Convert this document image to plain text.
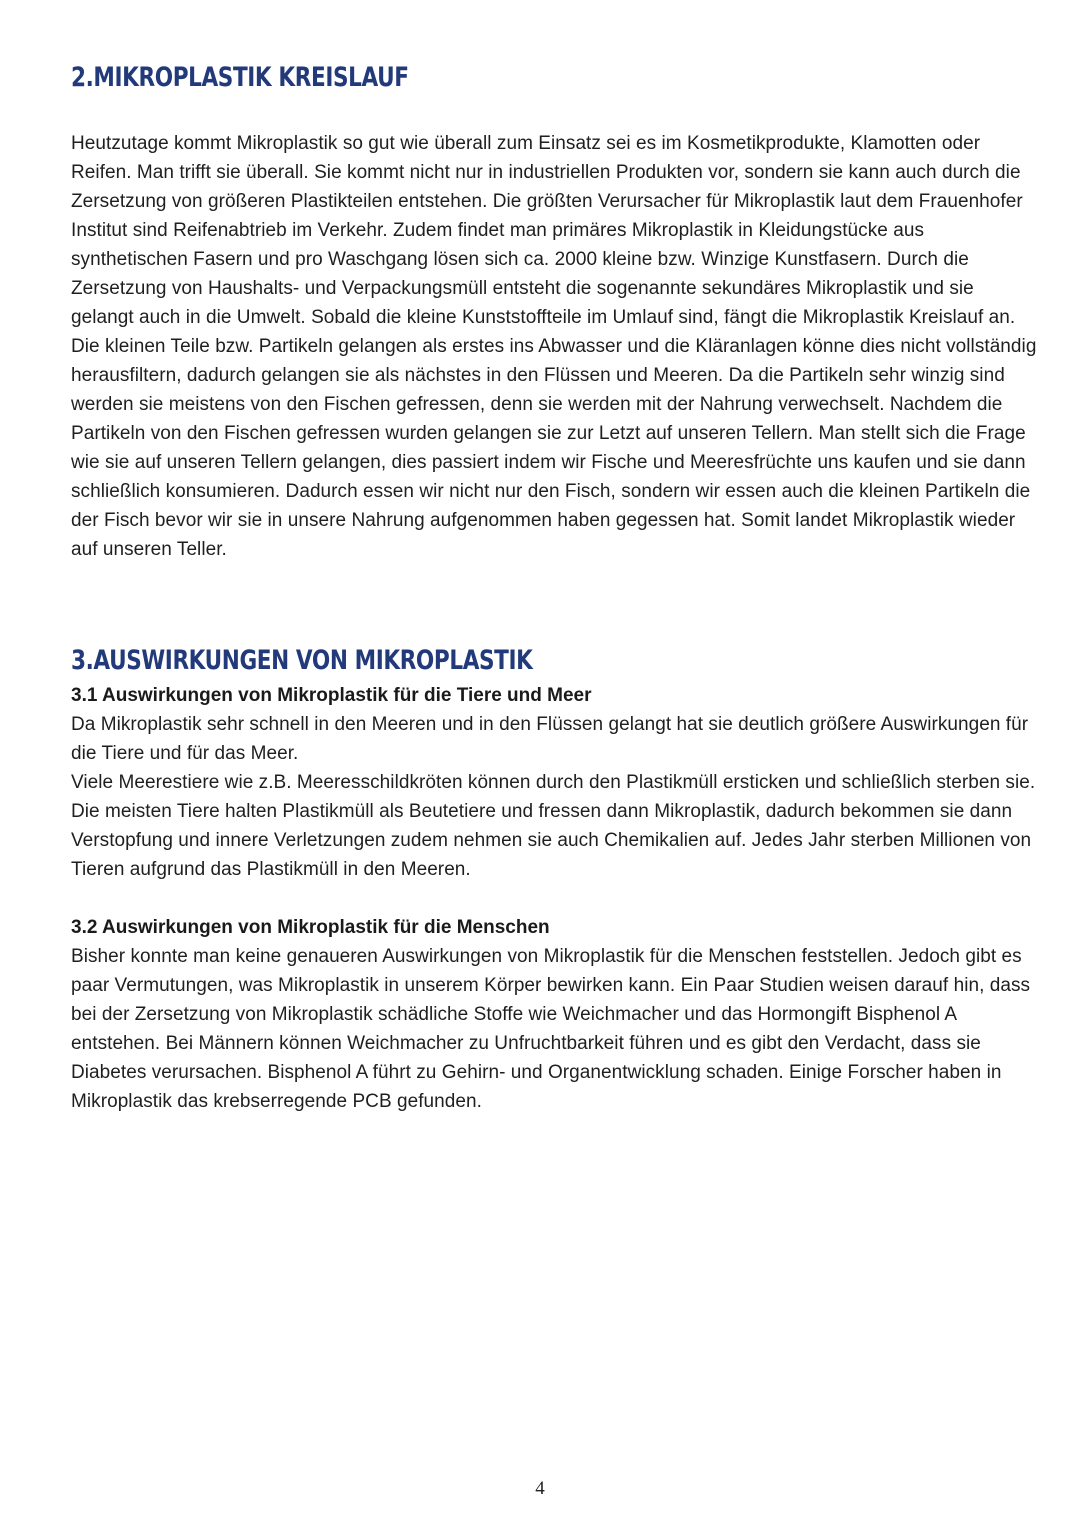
2.MIKROPLASTIK KREISLAUF

Heutzutage kommt Mikroplastik so gut wie überall zum Einsatz sei es im Kosmetikprodukte, Klamotten oder Reifen. Man trifft sie überall. Sie kommt nicht nur in industriellen Produkten vor, sondern sie kann auch durch die Zersetzung von größeren Plastikteilen entstehen. Die größten Verursacher für Mikroplastik laut dem Frauenhofer Institut sind Reifenabtrieb im Verkehr. Zudem findet man primäres Mikroplastik in Kleidungstücke aus synthetischen Fasern und pro Waschgang lösen sich ca. 2000 kleine bzw. Winzige Kunstfasern. Durch die Zersetzung von Haushalts- und Verpackungsmüll entsteht die sogenannte sekundäres Mikroplastik und sie gelangt auch in die Umwelt. Sobald die kleine Kunststoffteile im Umlauf sind, fängt die Mikroplastik Kreislauf an.

Die kleinen Teile bzw. Partikeln gelangen als erstes ins Abwasser und die Kläranlagen könne dies nicht vollständig herausfiltern, dadurch gelangen sie als nächstes in den Flüssen und Meeren. Da die Partikeln sehr winzig sind werden sie meistens von den Fischen gefressen, denn sie werden mit der Nahrung verwechselt. Nachdem die Partikeln von den Fischen gefressen wurden gelangen sie zur Letzt auf unseren Tellern. Man stellt sich die Frage wie sie auf unseren Tellern gelangen, dies passiert indem wir Fische und Meeresfrüchte uns kaufen und sie dann schließlich konsumieren. Dadurch essen wir nicht nur den Fisch, sondern wir essen auch die kleinen Partikeln die der Fisch bevor wir sie in unsere Nahrung aufgenommen haben gegessen hat. Somit landet Mikroplastik wieder auf unseren Teller.

3.AUSWIRKUNGEN VON MIKROPLASTIK
3.1 Auswirkungen von Mikroplastik für die Tiere und Meer

Da Mikroplastik sehr schnell in den Meeren und in den Flüssen gelangt hat sie deutlich größere Auswirkungen für die Tiere und für das Meer.

Viele Meerestiere wie z.B. Meeresschildkröten können durch den Plastikmüll ersticken und schließlich sterben sie. Die meisten Tiere halten Plastikmüll als Beutetiere und fressen dann Mikroplastik, dadurch bekommen sie dann Verstopfung und innere Verletzungen zudem nehmen sie auch Chemikalien auf. Jedes Jahr sterben Millionen von Tieren aufgrund das Plastikmüll in den Meeren.

3.2 Auswirkungen von Mikroplastik für die Menschen

Bisher konnte man keine genaueren Auswirkungen von Mikroplastik für die Menschen feststellen. Jedoch gibt es paar Vermutungen, was Mikroplastik in unserem Körper bewirken kann. Ein Paar Studien weisen darauf hin, dass bei der Zersetzung von Mikroplastik schädliche Stoffe wie Weichmacher und das Hormongift Bisphenol A entstehen. Bei Männern können Weichmacher zu Unfruchtbarkeit führen und es gibt den Verdacht, dass sie Diabetes verursachen. Bisphenol A führt zu Gehirn- und Organentwicklung schaden. Einige Forscher haben in Mikroplastik das krebserregende PCB gefunden.

4
